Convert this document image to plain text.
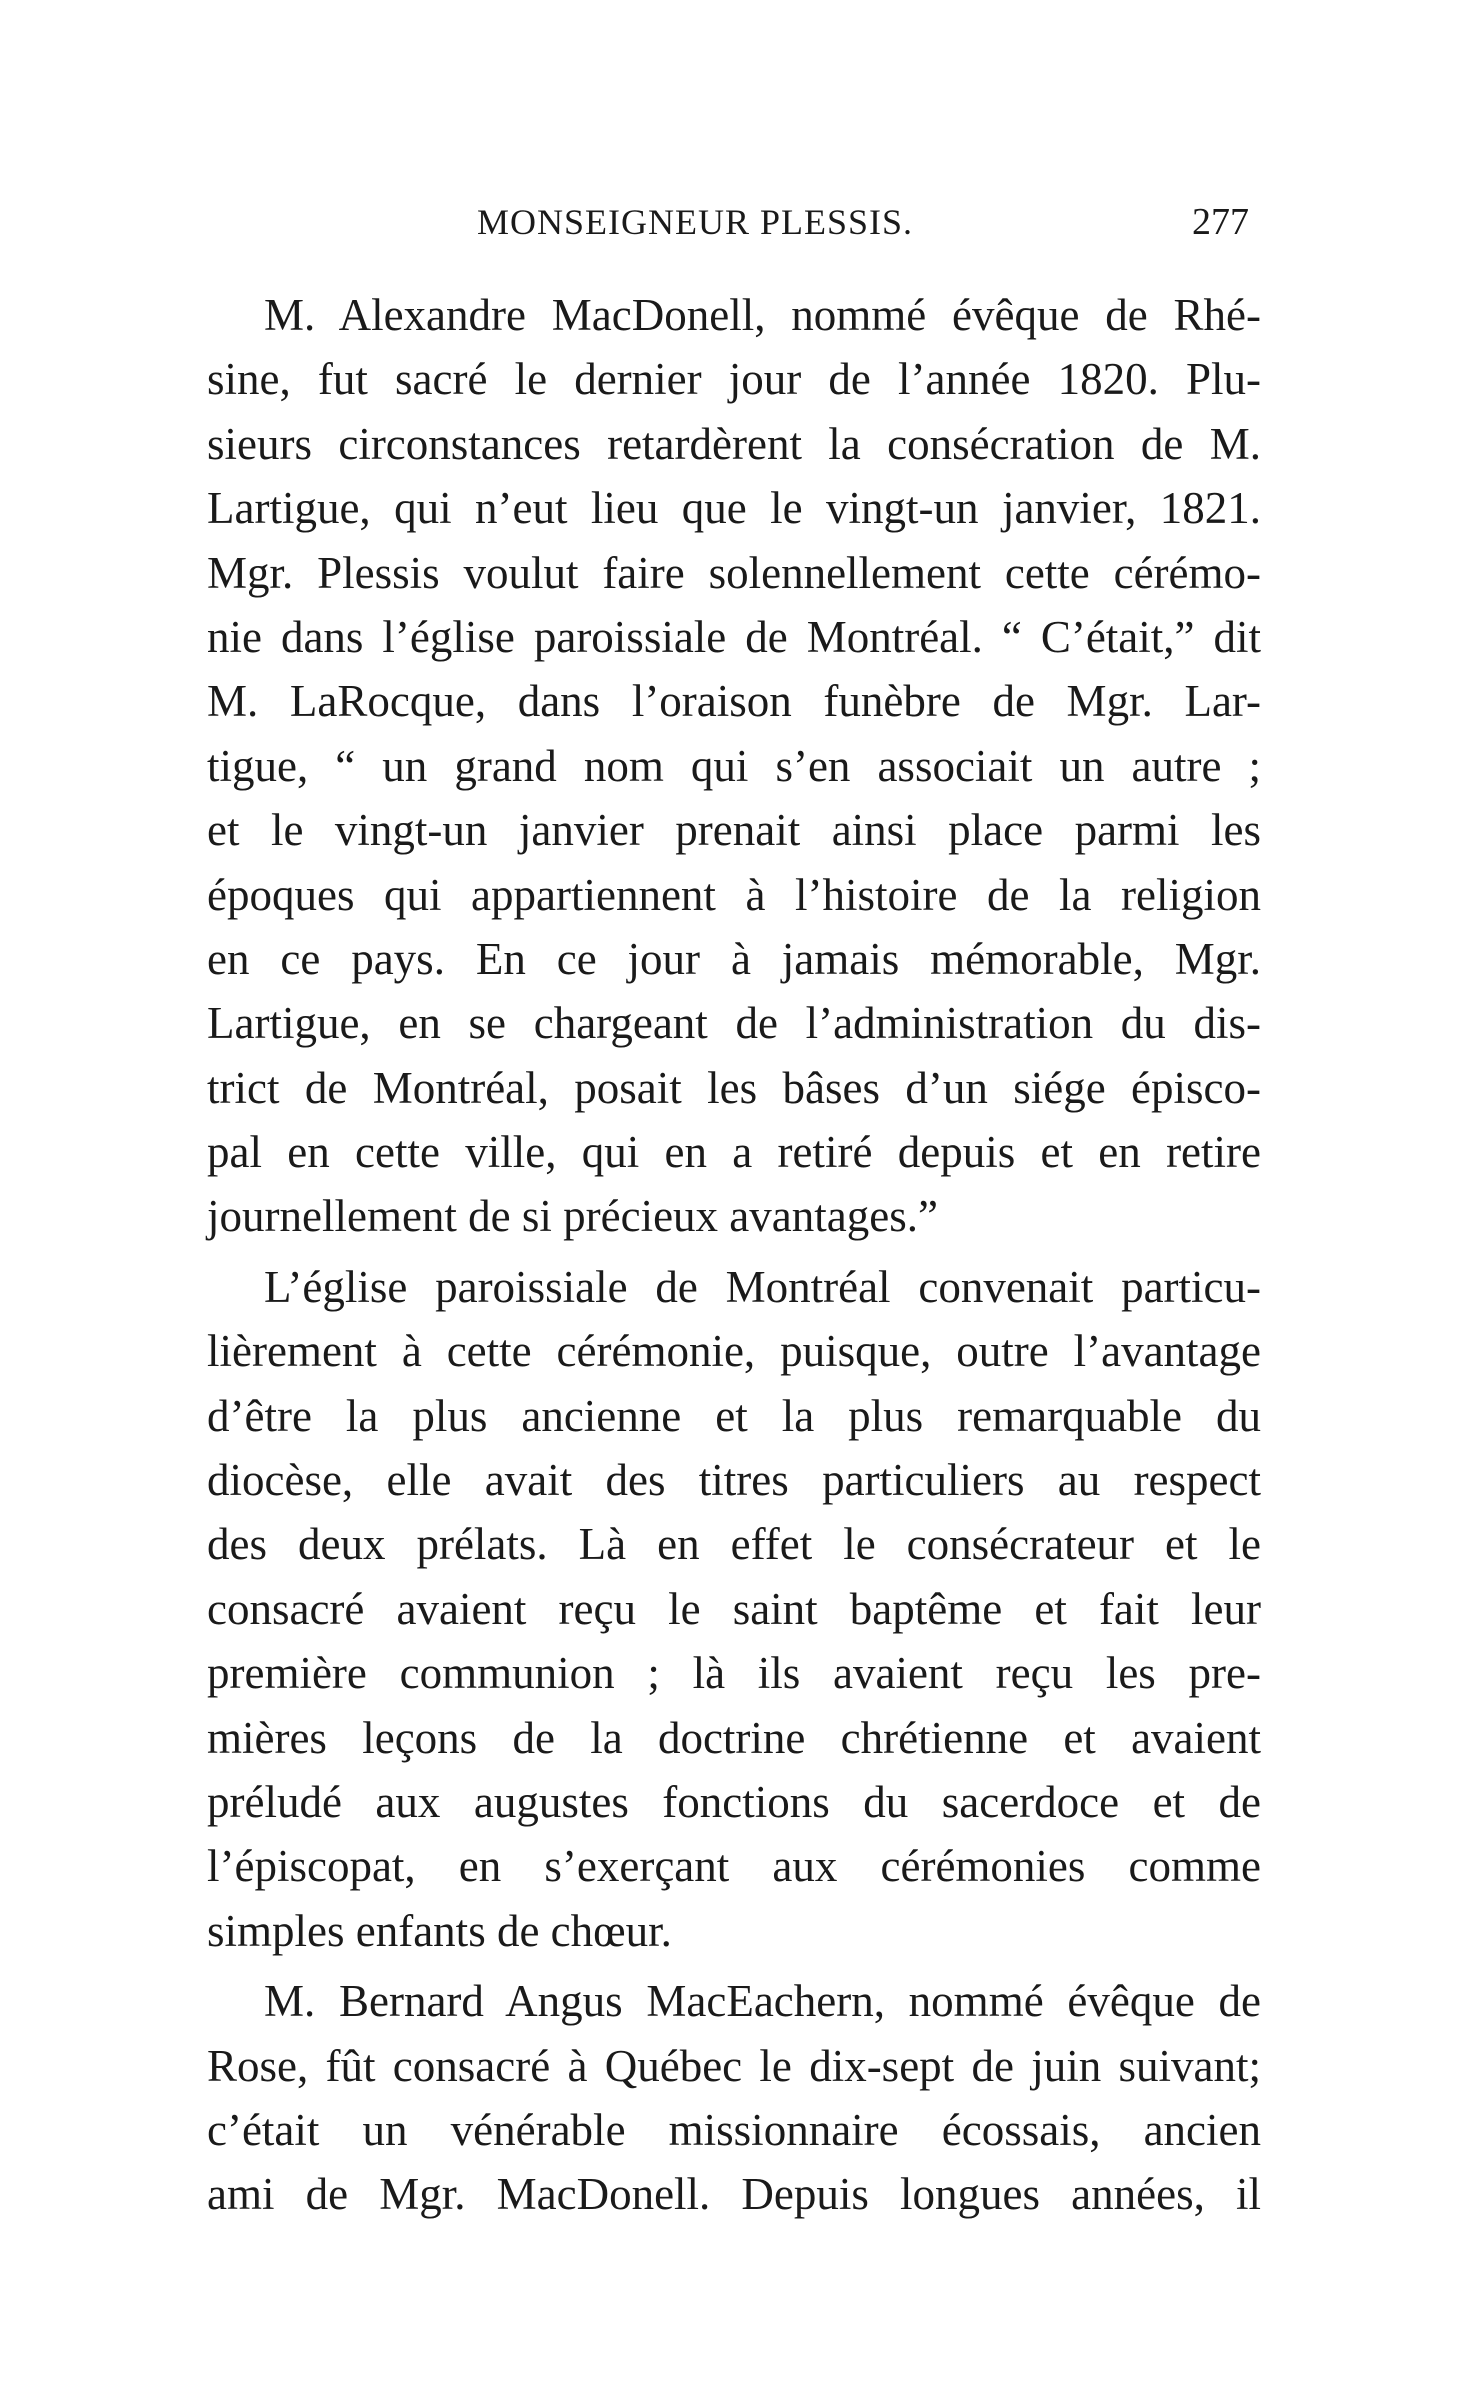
MONSEIGNEUR PLESSIS.	277
M. Alexandre MacDonell, nommé évêque de Rhé-
sine, fut sacré le dernier jour de l’année 1820. Plu-
sieurs circonstances retardèrent la consécration de M.
Lartigue, qui n’eut lieu que le vingt-un janvier, 1821.
Mgr. Plessis voulut faire solennellement cette cérémo-
nie dans l’église paroissiale de Montréal. “ C’était,” dit
M. LaRocque, dans l’oraison funèbre de Mgr. Lar-
tigue, “ un grand nom qui s’en associait un autre ;
et le vingt-un janvier prenait ainsi place parmi les
époques qui appartiennent à l’histoire de la religion
en ce pays. En ce jour à jamais mémorable, Mgr.
Lartigue, en se chargeant de l’administration du dis-
trict de Montréal, posait les bâses d’un siége épisco-
pal en cette ville, qui en a retiré depuis et en retire
journellement de si précieux avantages.”
L’église paroissiale de Montréal convenait particu-
lièrement à cette cérémonie, puisque, outre l’avantage
d’être la plus ancienne et la plus remarquable du
diocèse, elle avait des titres particuliers au respect
des deux prélats. Là en effet le consécrateur et le
consacré avaient reçu le saint baptême et fait leur
première communion ; là ils avaient reçu les pre-
mières leçons de la doctrine chrétienne et avaient
préludé aux augustes fonctions du sacerdoce et de
l’épiscopat, en s’exerçant aux cérémonies comme
simples enfants de chœur.
M. Bernard Angus MacEachern, nommé évêque de
Rose, fût consacré à Québec le dix-sept de juin suivant;
c’était un vénérable missionnaire écossais, ancien
ami de Mgr. MacDonell. Depuis longues années, il
